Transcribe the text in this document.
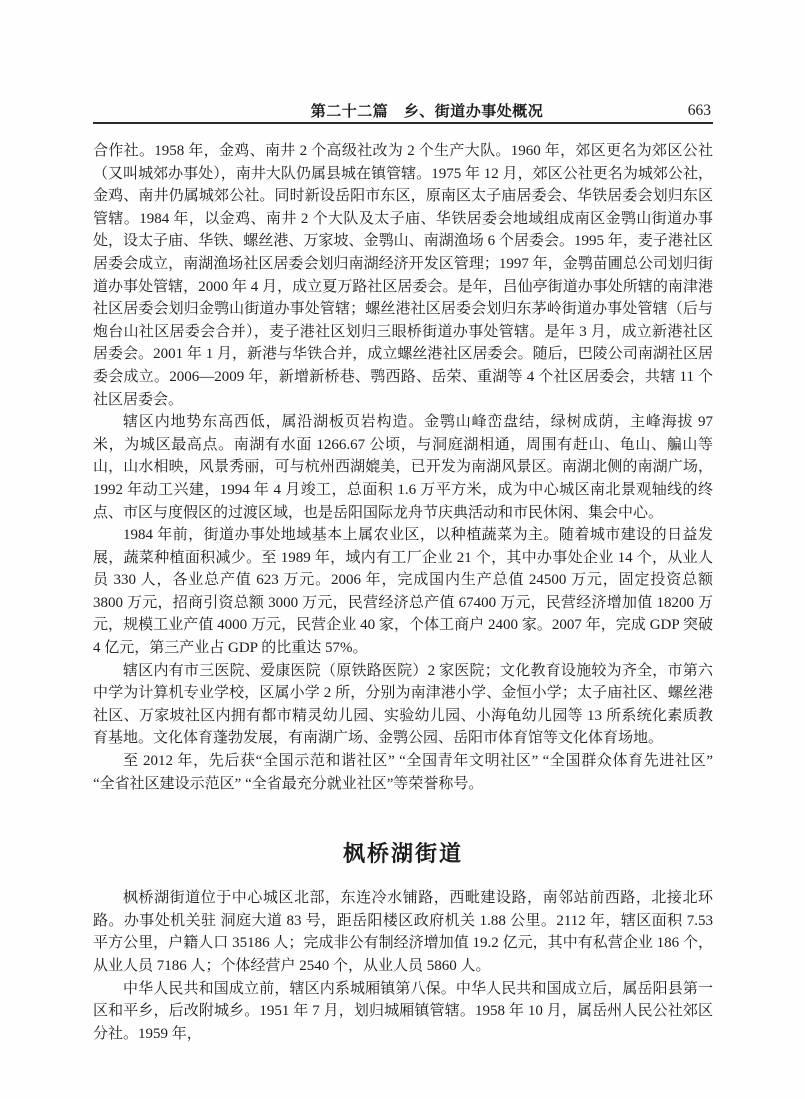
第二十二篇　乡、街道办事处概况	663

合作社。1958 年，金鸡、南井 2 个高级社改为 2 个生产大队。1960 年，郊区更名为郊区公社（又叫城郊办事处），南井大队仍属县城在镇管辖。1975 年 12 月，郊区公社更名为城郊公社，金鸡、南井仍属城郊公社。同时新设岳阳市东区，原南区太子庙居委会、华铁居委会划归东区管辖。1984 年，以金鸡、南井 2 个大队及太子庙、华铁居委会地域组成南区金鹗山街道办事处，设太子庙、华铁、螺丝港、万家坡、金鹗山、南湖渔场 6 个居委会。1995 年，麦子港社区居委会成立，南湖渔场社区居委会划归南湖经济开发区管理；1997 年，金鹗苗圃总公司划归街道办事处管辖，2000 年 4 月，成立夏万路社区居委会。是年，吕仙亭街道办事处所辖的南津港社区居委会划归金鹗山街道办事处管辖；螺丝港社区居委会划归东茅岭街道办事处管辖（后与炮台山社区居委会合并），麦子港社区划归三眼桥街道办事处管辖。是年 3 月，成立新港社区居委会。2001 年 1 月，新港与华铁合并，成立螺丝港社区居委会。随后，巴陵公司南湖社区居委会成立。2006—2009 年，新增新桥巷、鹗西路、岳荣、重湖等 4 个社区居委会，共辖 11 个社区居委会。

辖区内地势东高西低，属沿湖板页岩构造。金鹗山峰峦盘结，绿树成荫，主峰海拔 97 米，为城区最高点。南湖有水面 1266.67 公顷，与洞庭湖相通，周围有赶山、龟山、艑山等山，山水相映，风景秀丽，可与杭州西湖媲美，已开发为南湖风景区。南湖北侧的南湖广场，1992 年动工兴建，1994 年 4 月竣工，总面积 1.6 万平方米，成为中心城区南北景观轴线的终点、市区与度假区的过渡区域，也是岳阳国际龙舟节庆典活动和市民休闲、集会中心。

1984 年前，街道办事处地域基本上属农业区，以种植蔬菜为主。随着城市建设的日益发展，蔬菜种植面积减少。至 1989 年，域内有工厂企业 21 个，其中办事处企业 14 个，从业人员 330 人，各业总产值 623 万元。2006 年，完成国内生产总值 24500 万元，固定投资总额 3800 万元，招商引资总额 3000 万元，民营经济总产值 67400 万元，民营经济增加值 18200 万元，规模工业产值 4000 万元，民营企业 40 家，个体工商户 2400 家。2007 年，完成 GDP 突破 4 亿元，第三产业占 GDP 的比重达 57%。

辖区内有市三医院、爱康医院（原铁路医院）2 家医院；文化教育设施较为齐全，市第六中学为计算机专业学校，区属小学 2 所，分别为南津港小学、金恒小学；太子庙社区、螺丝港社区、万家坡社区内拥有都市精灵幼儿园、实验幼儿园、小海龟幼儿园等 13 所系统化素质教育基地。文化体育蓬勃发展，有南湖广场、金鹗公园、岳阳市体育馆等文化体育场地。

至 2012 年，先后获“全国示范和谐社区” “全国青年文明社区” “全国群众体育先进社区” “全省社区建设示范区” “全省最充分就业社区”等荣誉称号。

枫桥湖街道

枫桥湖街道位于中心城区北部，东连冷水铺路，西毗建设路，南邻站前西路，北接北环路。办事处机关驻 洞庭大道 83 号，距岳阳楼区政府机关 1.88 公里。2112 年，辖区面积 7.53 平方公里，户籍人口 35186 人；完成非公有制经济增加值 19.2 亿元，其中有私营企业 186 个，从业人员 7186 人；个体经营户 2540 个，从业人员 5860 人。

中华人民共和国成立前，辖区内系城厢镇第八保。中华人民共和国成立后，属岳阳县第一区和平乡，后改附城乡。1951 年 7 月，划归城厢镇管辖。1958 年 10 月，属岳州人民公社郊区分社。1959 年，
